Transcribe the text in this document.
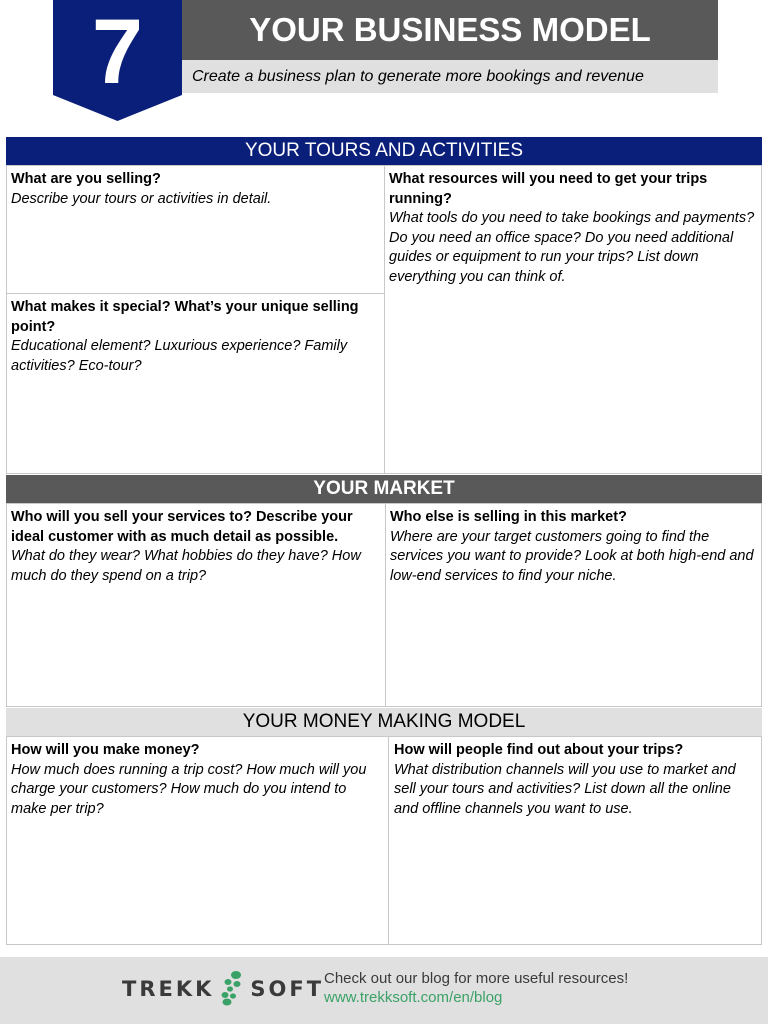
7	YOUR BUSINESS MODEL
Create a business plan to generate more bookings and revenue
YOUR TOURS AND ACTIVITIES
What are you selling?
Describe your tours or activities in detail.
What makes it special? What’s your unique selling point?
Educational element? Luxurious experience? Family activities? Eco-tour?
What resources will you need to get your trips running?
What tools do you need to take bookings and payments? Do you need an office space? Do you need additional guides or equipment to run your trips? List down everything you can think of.
YOUR MARKET
Who will you sell your services to? Describe your ideal customer with as much detail as possible.
What do they wear? What hobbies do they have? How much do they spend on a trip?
Who else is selling in this market?
Where are your target customers going to find the services you want to provide? Look at both high-end and low-end services to find your niche.
YOUR MONEY MAKING MODEL
How will you make money?
How much does running a trip cost? How much will you charge your customers? How much do you intend to make per trip?
How will people find out about your trips?
What distribution channels will you use to market and sell your tours and activities? List down all the online and offline channels you want to use.
TREKK SOFT Check out our blog for more useful resources!
www.trekksoft.com/en/blog
